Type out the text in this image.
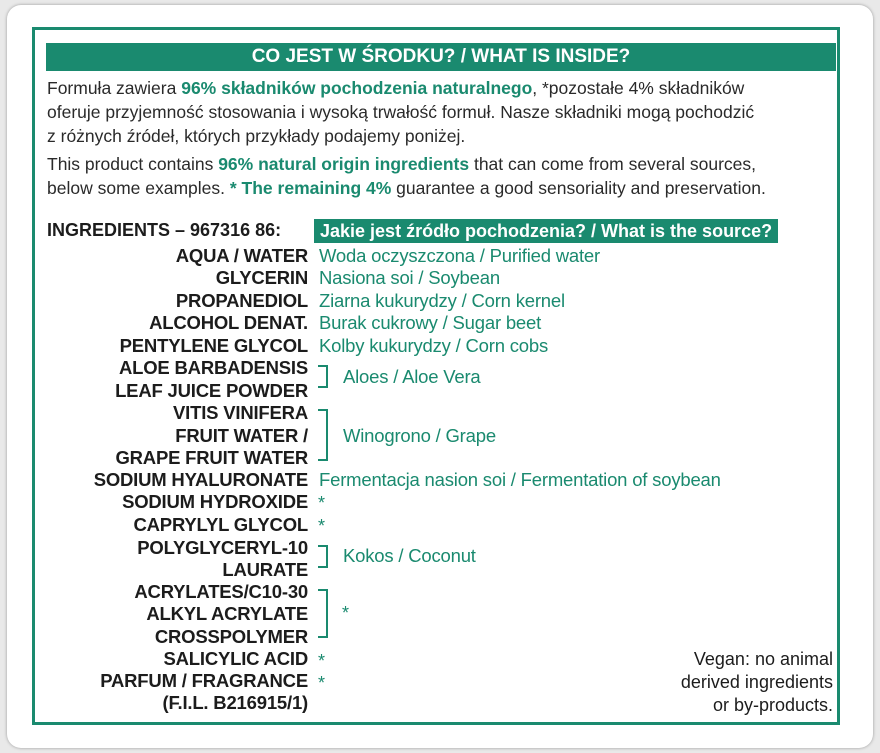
CO JEST W ŚRODKU? / WHAT IS INSIDE?
Formuła zawiera 96% składników pochodzenia naturalnego, *pozostałe 4% składników
oferuje przyjemność stosowania i wysoką trwałość formuł. Nasze składniki mogą pochodzić
z różnych źródeł, których przykłady podajemy poniżej.
This product contains 96% natural origin ingredients that can come from several sources,
below some examples. * The remaining 4% guarantee a good sensoriality and preservation.
INGREDIENTS – 967316 86:	Jakie jest źródło pochodzenia? / What is the source?
AQUA / WATER
GLYCERIN
PROPANEDIOL
ALCOHOL DENAT.
PENTYLENE GLYCOL
ALOE BARBADENSIS
LEAF JUICE POWDER
VITIS VINIFERA
FRUIT WATER /
GRAPE FRUIT WATER
SODIUM HYALURONATE
SODIUM HYDROXIDE
CAPRYLYL GLYCOL
POLYGLYCERYL-10
LAURATE
ACRYLATES/C10-30
ALKYL ACRYLATE
CROSSPOLYMER
SALICYLIC ACID
PARFUM / FRAGRANCE
(F.I.L. B216915/1)
Woda oczyszczona / Purified water
Nasiona soi / Soybean
Ziarna kukurydzy / Corn kernel
Burak cukrowy / Sugar beet
Kolby kukurydzy / Corn cobs
Aloes / Aloe Vera
Winogrono / Grape
Fermentacja nasion soi / Fermentation of soybean
*
*
Kokos / Coconut
*
*
*
Vegan: no animal
derived ingredients
or by-products.
